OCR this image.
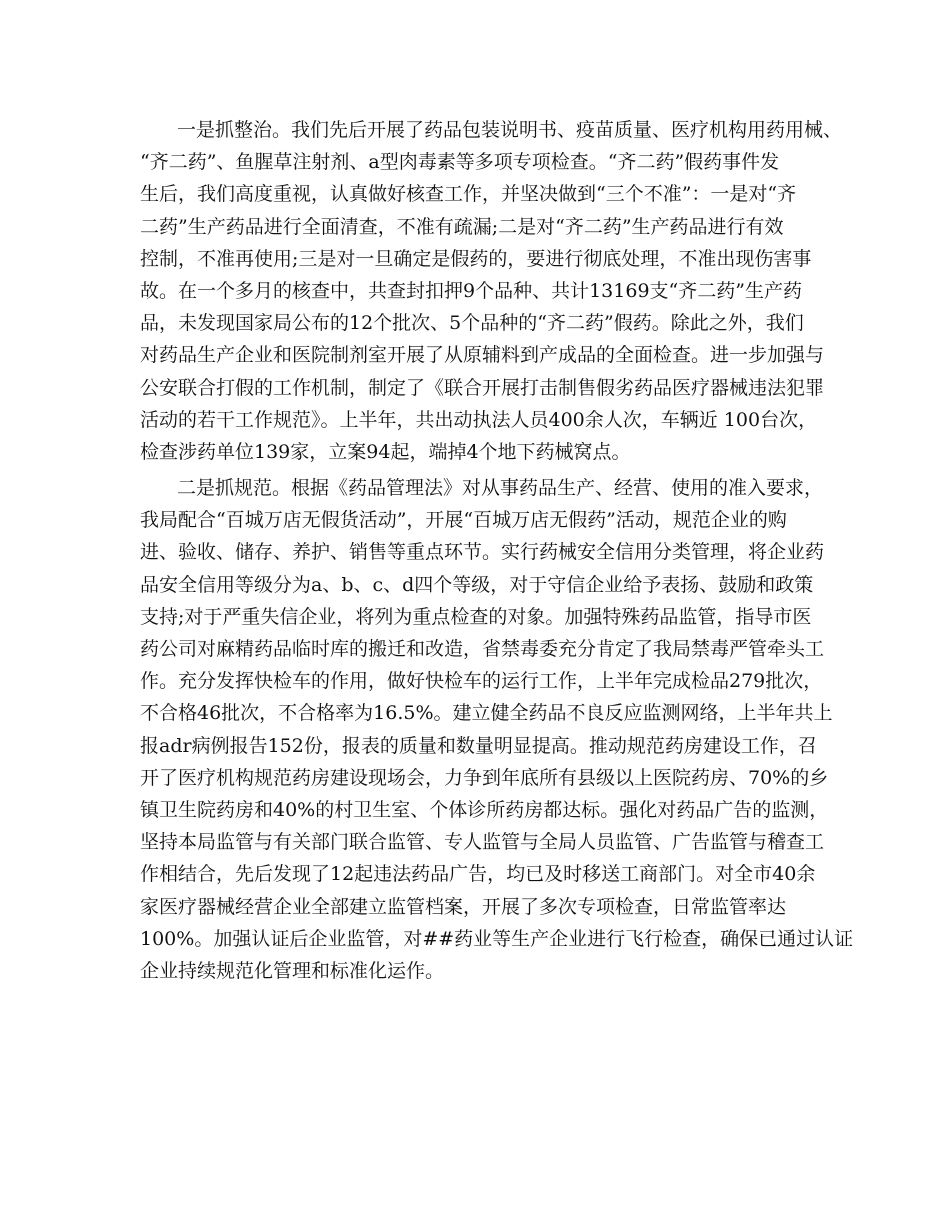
一是抓整治。我们先后开展了药品包装说明书、疫苗质量、医疗机构用药用械、
“齐二药”、鱼腥草注射剂、a型肉毒素等多项专项检查。“齐二药”假药事件发
生后，我们高度重视，认真做好核查工作，并坚决做到“三个不准”：一是对“齐
二药”生产药品进行全面清查，不准有疏漏;二是对“齐二药”生产药品进行有效
控制，不准再使用;三是对一旦确定是假药的，要进行彻底处理，不准出现伤害事
故。在一个多月的核查中，共查封扣押9个品种、共计13169支“齐二药”生产药
品，未发现国家局公布的12个批次、5个品种的“齐二药”假药。除此之外，我们
对药品生产企业和医院制剂室开展了从原辅料到产成品的全面检查。进一步加强与
公安联合打假的工作机制，制定了《联合开展打击制售假劣药品医疗器械违法犯罪
活动的若干工作规范》。上半年，共出动执法人员400余人次，车辆近 100台次，
检查涉药单位139家，立案94起，端掉4个地下药械窝点。
二是抓规范。根据《药品管理法》对从事药品生产、经营、使用的准入要求，
我局配合“百城万店无假货活动”，开展“百城万店无假药”活动，规范企业的购
进、验收、储存、养护、销售等重点环节。实行药械安全信用分类管理，将企业药
品安全信用等级分为a、b、c、d四个等级，对于守信企业给予表扬、鼓励和政策
支持;对于严重失信企业，将列为重点检查的对象。加强特殊药品监管，指导市医
药公司对麻精药品临时库的搬迁和改造，省禁毒委充分肯定了我局禁毒严管牵头工
作。充分发挥快检车的作用，做好快检车的运行工作，上半年完成检品279批次，
不合格46批次，不合格率为16.5%。建立健全药品不良反应监测网络，上半年共上
报adr病例报告152份，报表的质量和数量明显提高。推动规范药房建设工作，召
开了医疗机构规范药房建设现场会，力争到年底所有县级以上医院药房、70%的乡
镇卫生院药房和40%的村卫生室、个体诊所药房都达标。强化对药品广告的监测，
坚持本局监管与有关部门联合监管、专人监管与全局人员监管、广告监管与稽查工
作相结合，先后发现了12起违法药品广告，均已及时移送工商部门。对全市40余
家医疗器械经营企业全部建立监管档案，开展了多次专项检查，日常监管率达
100%。加强认证后企业监管，对##药业等生产企业进行飞行检查，确保已通过认证
企业持续规范化管理和标准化运作。
